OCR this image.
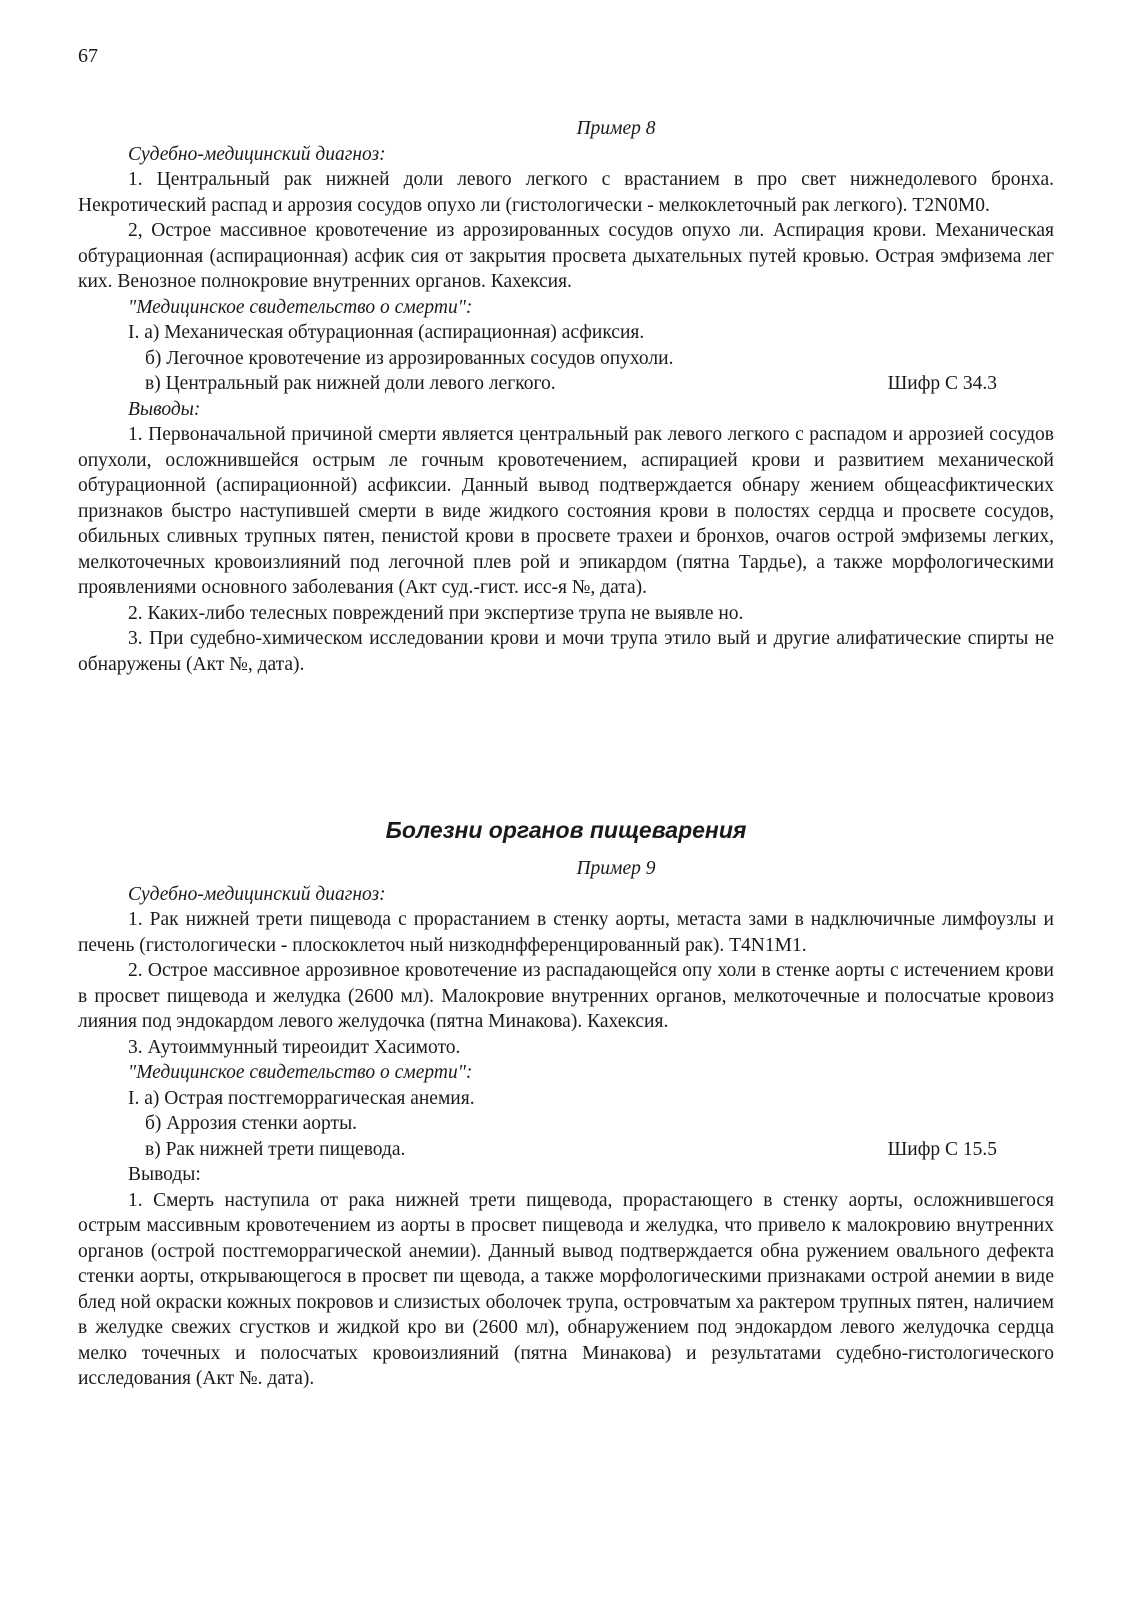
67

Пример 8

Судебно-медицинский диагноз:

1. Центральный рак нижней доли левого легкого с врастанием в про свет нижнедолевого бронха. Некротический распад и аррозия сосудов опухо ли (гистологически - мелкоклеточный рак легкого). T2N0M0.

2, Острое массивное кровотечение из аррозированных сосудов опухо ли. Аспирация крови. Механическая обтурационная (аспирационная) асфик сия от закрытия просвета дыхательных путей кровью. Острая эмфизема лег ких. Венозное полнокровие внутренних органов. Кахексия.

"Медицинское свидетельство о смерти":

I. а) Механическая обтурационная (аспирационная) асфиксия.

б) Легочное кровотечение из аррозированных сосудов опухоли.

в) Центральный рак нижней доли левого легкого.	Шифр С 34.3

Выводы:

1. Первоначальной причиной смерти является центральный рак левого легкого с распадом и аррозией сосудов опухоли, осложнившейся острым ле гочным кровотечением, аспирацией крови и развитием механической обтурационной (аспирационной) асфиксии. Данный вывод подтверждается обнару жением общеасфиктических признаков быстро наступившей смерти в виде жидкого состояния крови в полостях сердца и просвете сосудов, обильных сливных трупных пятен, пенистой крови в просвете трахеи и бронхов, очагов острой эмфиземы легких, мелкоточечных кровоизлияний под легочной плев рой и эпикардом (пятна Тардье), а также морфологическими проявлениями основного заболевания (Акт суд.-гист. исс-я №, дата).

2. Каких-либо телесных повреждений при экспертизе трупа не выявле но.

3. При судебно-химическом исследовании крови и мочи трупа этило вый и другие алифатические спирты не обнаружены (Акт №, дата).

Болезни органов пищеварения

Пример 9

Судебно-медицинский диагноз:

1. Рак нижней трети пищевода с прорастанием в стенку аорты, метаста зами в надключичные лимфоузлы и печень (гистологически - плоскоклеточ ный низкоднфференцированный рак). T4N1M1.

2. Острое массивное аррозивное кровотечение из распадающейся опу холи в стенке аорты с истечением крови в просвет пищевода и желудка (2600 мл). Малокровие внутренних органов, мелкоточечные и полосчатые кровоиз лияния под эндокардом левого желудочка (пятна Минакова). Кахексия.

3. Аутоиммунный тиреоидит Хасимото.

"Медицинское свидетельство о смерти":

I. а) Острая постгеморрагическая анемия.

б) Аррозия стенки аорты.

в) Рак нижней трети пищевода.	Шифр С 15.5

Выводы:

1. Смерть наступила от рака нижней трети пищевода, прорастающего в стенку аорты, осложнившегося острым массивным кровотечением из аорты в просвет пищевода и желудка, что привело к малокровию внутренних органов (острой постгеморрагической анемии). Данный вывод подтверждается обна ружением овального дефекта стенки аорты, открывающегося в просвет пи щевода, а также морфологическими признаками острой анемии в виде блед ной окраски кожных покровов и слизистых оболочек трупа, островчатым ха рактером трупных пятен, наличием в желудке свежих сгустков и жидкой кро ви (2600 мл), обнаружением под эндокардом левого желудочка сердца мелко точечных и полосчатых кровоизлияний (пятна Минакова) и результатами судебно-гистологического исследования (Акт №. дата).
